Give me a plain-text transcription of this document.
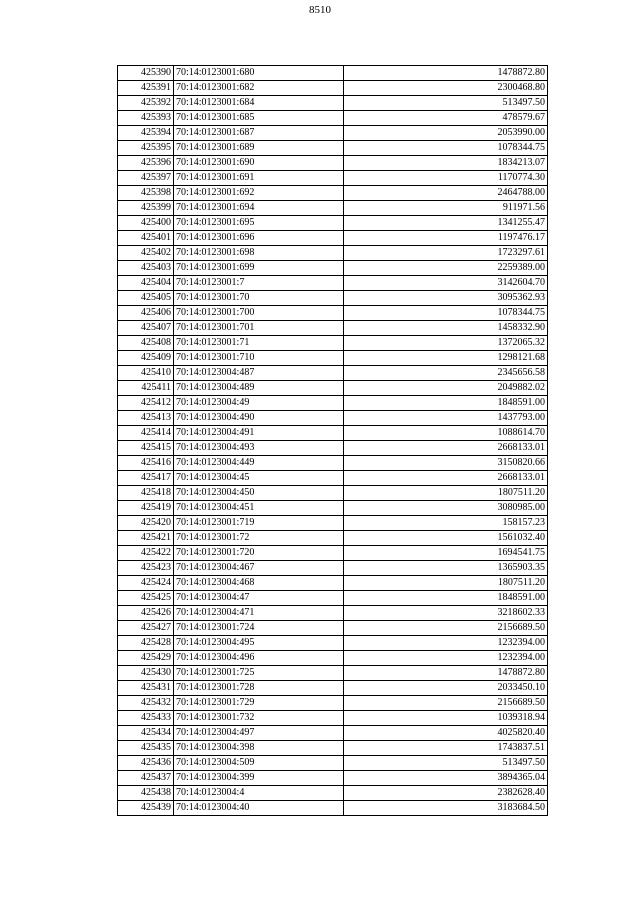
8510
425390	70:14:0123001:680	1478872.80
425391	70:14:0123001:682	2300468.80
425392	70:14:0123001:684	513497.50
425393	70:14:0123001:685	478579.67
425394	70:14:0123001:687	2053990.00
425395	70:14:0123001:689	1078344.75
425396	70:14:0123001:690	1834213.07
425397	70:14:0123001:691	1170774.30
425398	70:14:0123001:692	2464788.00
425399	70:14:0123001:694	911971.56
425400	70:14:0123001:695	1341255.47
425401	70:14:0123001:696	1197476.17
425402	70:14:0123001:698	1723297.61
425403	70:14:0123001:699	2259389.00
425404	70:14:0123001:7	3142604.70
425405	70:14:0123001:70	3095362.93
425406	70:14:0123001:700	1078344.75
425407	70:14:0123001:701	1458332.90
425408	70:14:0123001:71	1372065.32
425409	70:14:0123001:710	1298121.68
425410	70:14:0123004:487	2345656.58
425411	70:14:0123004:489	2049882.02
425412	70:14:0123004:49	1848591.00
425413	70:14:0123004:490	1437793.00
425414	70:14:0123004:491	1088614.70
425415	70:14:0123004:493	2668133.01
425416	70:14:0123004:449	3150820.66
425417	70:14:0123004:45	2668133.01
425418	70:14:0123004:450	1807511.20
425419	70:14:0123004:451	3080985.00
425420	70:14:0123001:719	158157.23
425421	70:14:0123001:72	1561032.40
425422	70:14:0123001:720	1694541.75
425423	70:14:0123004:467	1365903.35
425424	70:14:0123004:468	1807511.20
425425	70:14:0123004:47	1848591.00
425426	70:14:0123004:471	3218602.33
425427	70:14:0123001:724	2156689.50
425428	70:14:0123004:495	1232394.00
425429	70:14:0123004:496	1232394.00
425430	70:14:0123001:725	1478872.80
425431	70:14:0123001:728	2033450.10
425432	70:14:0123001:729	2156689.50
425433	70:14:0123001:732	1039318.94
425434	70:14:0123004:497	4025820.40
425435	70:14:0123004:398	1743837.51
425436	70:14:0123004:509	513497.50
425437	70:14:0123004:399	3894365.04
425438	70:14:0123004:4	2382628.40
425439	70:14:0123004:40	3183684.50
